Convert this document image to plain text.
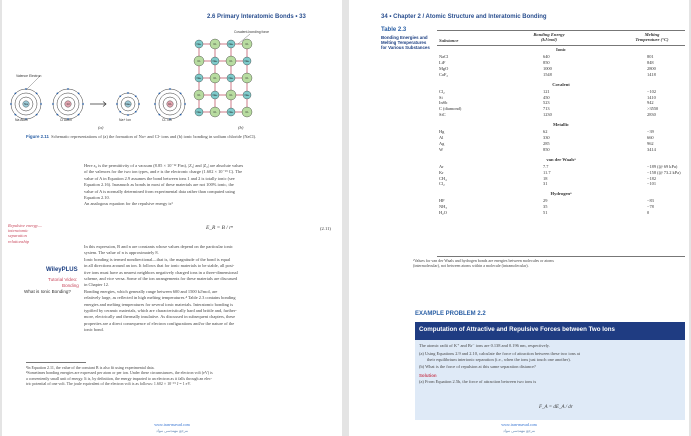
2.6 Primary Interatomic Bonds • 33
Na	Cl	Na+	Cl-
Na+	Cl-	Na+	Cl-
Cl-	Na+	Cl-	Na+
Na+	Cl-	Na+	Cl-
Cl-	Na+	Cl-	Na+
Na+	Cl-	Na+	Cl-
Covalent-bonding force
Valence Electron
Na Atom	Cl Atom	Na+ Ion	Cl- Ion
(a)	(b)
Figure 2.11 Schematic representations of (a) the formation of Na+ and Cl- ions and (b) ionic bonding in sodium chloride (NaCl).
Here ε₀ is the permittivity of a vacuum (8.85 × 10⁻¹² F/m), |Z₁| and |Z₂| are absolute values
of the valences for the two ion types, and e is the electronic charge (1.602 × 10⁻¹⁹ C). The
value of A in Equation 2.9 assumes the bond between ions 1 and 2 is totally ionic (see
Equation 2.16). Inasmuch as bonds in most of these materials are not 100% ionic, the
value of A is normally determined from experimental data rather than computed using
Equation 2.10.
An analogous equation for the repulsive energy is³
Repulsive energy—
interatomic
separation
relationship
E_R = B / rⁿ	(2.11)
In this expression, B and n are constants whose values depend on the particular ionic
system. The value of n is approximately 8.
Ionic bonding is termed nondirectional—that is, the magnitude of the bond is equal
in all directions around an ion. It follows that for ionic materials to be stable, all posi-
tive ions must have as nearest neighbors negatively charged ions in a three-dimensional
scheme, and vice versa. Some of the ion arrangements for these materials are discussed
in Chapter 12.
Bonding energies, which generally range between 600 and 1500 kJ/mol, are
relatively large, as reflected in high melting temperatures.⁴ Table 2.3 contains bonding
energies and melting temperatures for several ionic materials. Interatomic bonding is
typified by ceramic materials, which are characteristically hard and brittle and, further-
more, electrically and thermally insulative. As discussed in subsequent chapters, these
properties are a direct consequence of electron configurations and/or the nature of the
ionic bond.
WileyPLUS
Tutorial Video:
Bonding
What is Ionic Bonding?
³In Equation 2.11, the value of the constant B is also fit using experimental data.
⁴Sometimes bonding energies are expressed per atom or per ion. Under these circumstances, the electron volt (eV) is
a conveniently small unit of energy. It is, by definition, the energy imparted to an electron as it falls through an elec-
tric potential of one volt. The joule equivalent of the electron volt is as follows: 1.602 × 10⁻¹⁹ J = 1 eV.
www.iran-mavad.com
مرجع مهندسی مواد
34 • Chapter 2 / Atomic Structure and Interatomic Bonding
Table 2.3
Bonding Energies and
Melting Temperatures
for Various Substances
Substance
Bonding Energy
(kJ/mol)
Melting
Temperature (°C)
Ionic
NaCl	640	801
LiF	850	848
MgO	1000	2800
CaF₂	1548	1418
Covalent
Cl₂	121	−102
Si	450	1410
InSb	523	942
C (diamond)	713	>3550
SiC	1230	2830
Metallic
Hg	62	−39
Al	330	660
Ag	285	962
W	850	3414
van der Waalsᵃ
Ar	7.7	−189 (@ 69 kPa)
Kr	11.7	−158 (@ 73.2 kPa)
CH₄	18	−182
Cl₂	31	−101
Hydrogenᵃ
HF	29	−83
NH₃	35	−78
H₂O	51	0
ᵃValues for van der Waals and hydrogen bonds are energies between molecules or atoms
(intermolecular), not between atoms within a molecule (intramolecular).
EXAMPLE PROBLEM 2.2
Computation of Attractive and Repulsive Forces between Two Ions
The atomic radii of K⁺ and Br⁻ ions are 0.138 and 0.196 nm, respectively.
(a) Using Equations 2.9 and 2.10, calculate the force of attraction between these two ions at
their equilibrium interionic separation (i.e., when the ions just touch one another).
(b) What is the force of repulsion at this same separation distance?
Solution
(a) From Equation 2.5b, the force of attraction between two ions is
F_A = dE_A / dr
www.iran-mavad.com
مرجع مهندسی مواد
